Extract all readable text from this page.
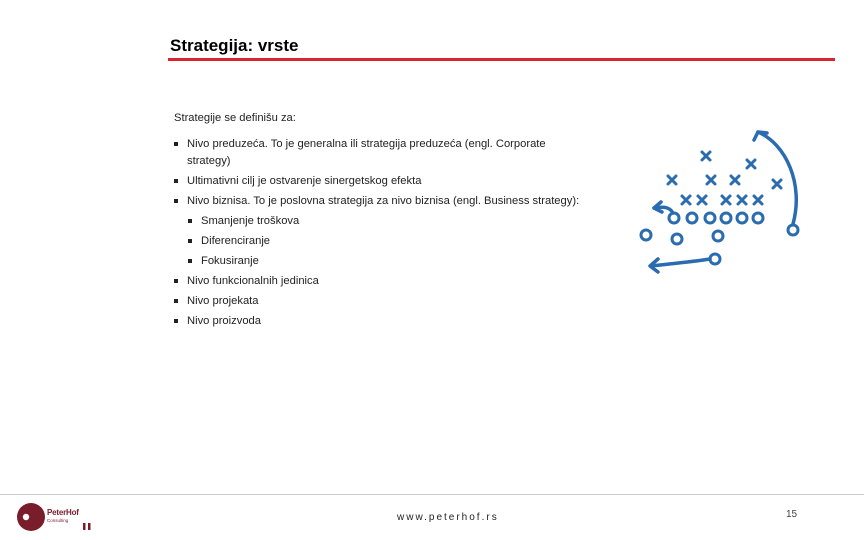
Strategija: vrste

Strategije se definišu za:

Nivo preduzeća. To je generalna ili strategija preduzeća (engl. Corporate strategy)
Ultimativni cilj je ostvarenje sinergetskog efekta
Nivo biznisa. To je poslovna strategija za nivo biznisa (engl. Business strategy):
Smanjenje troškova
Diferenciranje
Fokusiranje
Nivo funkcionalnih jedinica
Nivo projekata
Nivo proizvoda
PeterHof
Consulting	www.peterhof.rs	15
